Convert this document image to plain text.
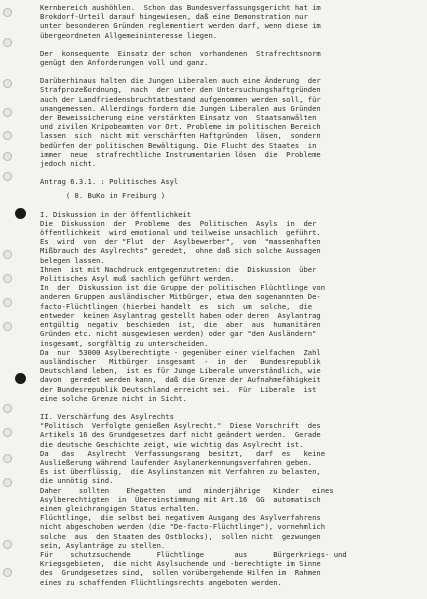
Kernbereich aushöhlen.  Schon das Bundesverfassungsgericht hat im

Brokdorf-Urteil darauf hingewiesen, daß eine Demonstration nur

unter besonderen Gründen reglementiert werden darf, wenn diese im

übergeordneten Allgemeininteresse liegen.

Der  konsequente  Einsatz der schon  vorhandenen  Strafrechtsnorm

genügt den Anforderungen voll und ganz.

Darüberhinaus halten die Jungen Liberalen auch eine Änderung  der

Strafprozeßordnung,  nach  der unter den Untersuchungshaftgründen

auch der Landfriedensbruchtatbestand aufgenommen werden soll, für

unangemessen. Allerdings fordern die Jungen Liberalen aus Gründen

der Beweissicherung eine verstärkten Einsatz von  Staatsanwälten

und zivilen Kripobeamten vor Ort. Probleme im politischen Bereich

lassen  sich  nicht mit verschärften Haftgründen  lösen,  sondern

bedürfen der politischen Bewältigung. Die Flucht des Staates  in

immer  neue  strafrechtliche Instrumentarien lösen  die  Probleme

jedoch nicht.

Antrag 6.3.1. : Politisches Asyl

( 8. BuKo in Freiburg )

I. Diskussion in der öffentlichkeit

Die  Diskussion  der  Probleme  des  Politischen  Asyls  in  der

öffentlichkeit  wird emotional und teilweise unsachlich  geführt.

Es  wird  von  der "Flut  der  Asylbewerber",  vom  "massenhaften

Mißbrauch des Asylrechts" geredet,  ohne daß sich solche Aussagen

belegen lassen.

Ihnen  ist mit Nachdruck entgegenzutreten: die  Diskussion  über

Politisches Asyl muß sachlich geführt werden.

In  der  Diskussion ist die Gruppe der politischen Flüchtlinge von

anderen Gruppen ausländischer Mitbürger, etwa den sogenannten De-

facto-Flüchtlingen (hierbei handelt  es  sich  um  solche,  die

entweder  keinen Asylantrag gestellt haben oder deren  Asylantrag

entgültig  negativ  beschieden  ist,  die  aber  aus  humanitären

Gründen etc. nicht ausgewiesen werden) oder gar "den Ausländern"

insgesamt, sorgfältig zu unterscheiden.

Da  nur  53000 Asylberechtigte - gegenüber einer vielfachen  Zahl

ausländischer   Mitbürger  insgesamt  -  in  der   Bundesrepublik

Deutschland leben,  ist es für Junge Liberale unverständlich, wie

davon  geredet werden kann,  daß die Grenze der Aufnahmefähigkeit

der Bundesrepublik Deutschland erreicht sei.  Für  Liberale  ist

eine solche Grenze nicht in Sicht.

II. Verschärfung des Asylrechts

"Politisch  Verfolgte genießen Asylrecht."  Diese Vorschrift  des

Artikels 16 des Grundgesetzes darf nicht geändert werden.  Gerade

die deutsche Geschichte zeigt, wie wichtig das Asylrecht ist.

Da   das   Asylrecht  Verfassungsrang  besitzt,   darf  es   keine

Ausließerung während laufender Asylanerkennungsverfahren geben.

Es ist überflüssig,  die Asylinstanzen mit Verfahren zu belasten,

die unnötig sind.

Daher    sollten    Ehegatten   und   minderjährige   Kinder   eines

Asylberechtigten  in  Übereinstimmung mit Art.16  GG  automatisch

einen gleichrangigen Status erhalten.

Flüchtlinge,  die selbst bei negativem Ausgang des Asylverfahrens

nicht abgeschoben werden (die "De-facto-Flüchtlinge"), vornehmlich

solche  aus  den Staaten des Ostblocks),  sollen nicht  gezwungen

sein, Asylanträge zu stellen.

Für    schutzsuchende      Flüchtlinge       aus      Bürgerkriegs- und

Kriegsgebieten,  die nicht Asylsuchende und -berechtigte im Sinne

des  Grundgesetzes sind,  sollen vorübergehende Hilfen im  Rahmen

eines zu schaffenden Flüchtlingsrechts angeboten werden.
